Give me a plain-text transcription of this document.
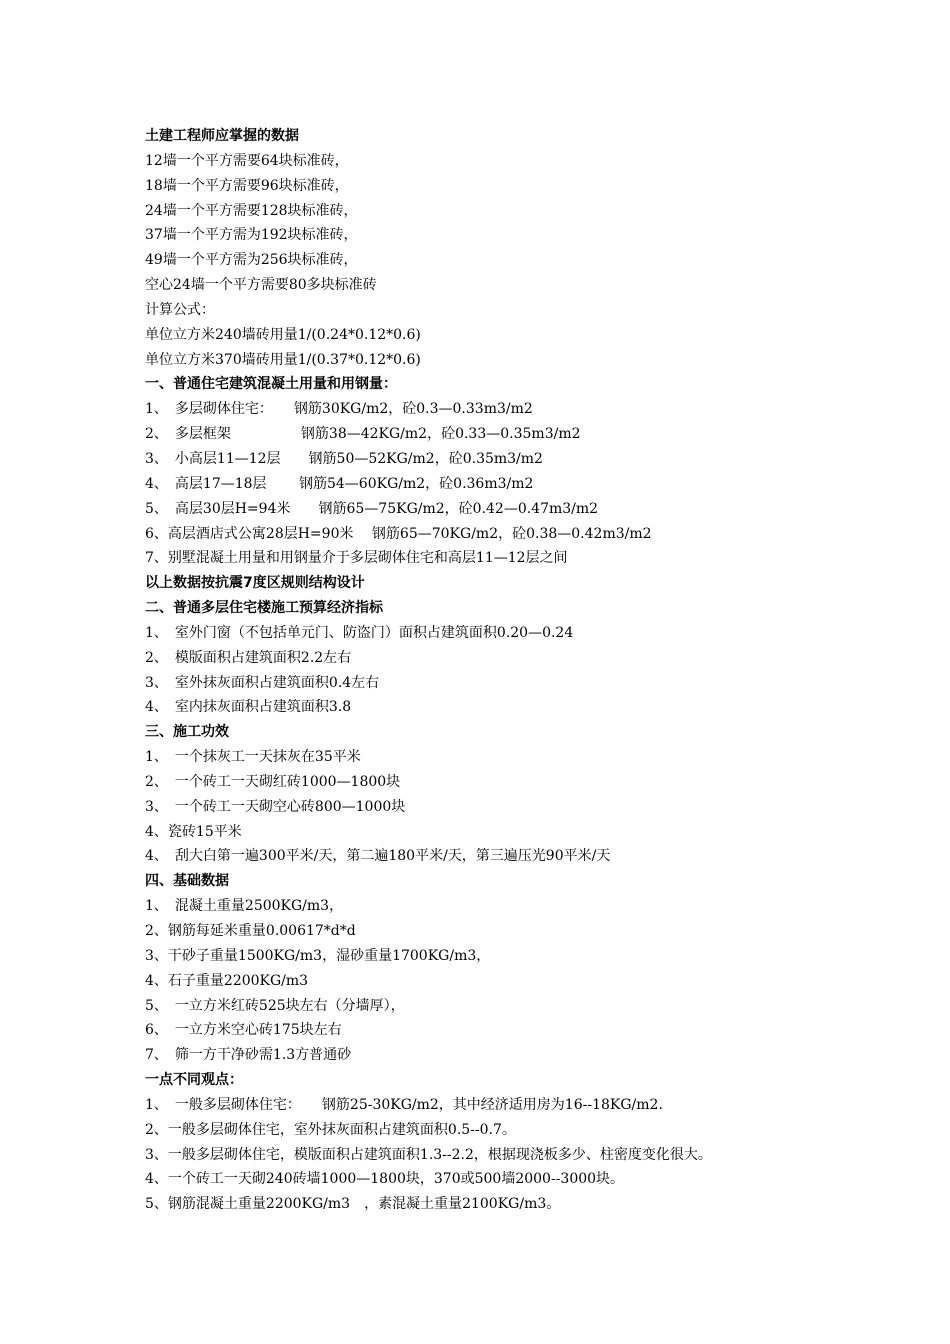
土建工程师应掌握的数据
12墙一个平方需要64块标准砖，
18墙一个平方需要96块标准砖，
24墙一个平方需要128块标准砖，
37墙一个平方需为192块标准砖，
49墙一个平方需为256块标准砖，
空心24墙一个平方需要80多块标准砖
计算公式：
单位立方米240墙砖用量1/(0.24*0.12*0.6)
单位立方米370墙砖用量1/(0.37*0.12*0.6)
一、普通住宅建筑混凝土用量和用钢量：
1、　多层砌体住宅：　　钢筋30KG/m2，砼0.3—0.33m3/m2
2、　多层框架　　　　　钢筋38—42KG/m2，砼0.33—0.35m3/m2
3、　小高层11—12层　　钢筋50—52KG/m2，砼0.35m3/m2
4、　高层17—18层　　 钢筋54—60KG/m2，砼0.36m3/m2
5、　高层30层H=94米　　钢筋65—75KG/m2，砼0.42—0.47m3/m2
6、高层酒店式公寓28层H=90米　 钢筋65—70KG/m2，砼0.38—0.42m3/m2
7、别墅混凝土用量和用钢量介于多层砌体住宅和高层11—12层之间
以上数据按抗震7度区规则结构设计
二、普通多层住宅楼施工预算经济指标
1、　室外门窗（不包括单元门、防盗门）面积占建筑面积0.20—0.24
2、　模版面积占建筑面积2.2左右
3、　室外抹灰面积占建筑面积0.4左右
4、　室内抹灰面积占建筑面积3.8
三、施工功效
1、　一个抹灰工一天抹灰在35平米
2、　一个砖工一天砌红砖1000—1800块
3、　一个砖工一天砌空心砖800—1000块
4、瓷砖15平米
4、　刮大白第一遍300平米/天，第二遍180平米/天，第三遍压光90平米/天
四、基础数据
1、　混凝土重量2500KG/m3，
2、钢筋每延米重量0.00617*d*d
3、干砂子重量1500KG/m3，湿砂重量1700KG/m3，
4、石子重量2200KG/m3
5、　一立方米红砖525块左右（分墙厚），
6、　一立方米空心砖175块左右
7、　筛一方干净砂需1.3方普通砂
一点不同观点：
1、　一般多层砌体住宅：　　钢筋25-30KG/m2，其中经济适用房为16--18KG/m2.
2、一般多层砌体住宅，室外抹灰面积占建筑面积0.5--0.7。
3、一般多层砌体住宅，模版面积占建筑面积1.3--2.2，根据现浇板多少、柱密度变化很大。
4、一个砖工一天砌240砖墙1000—1800块，370或500墙2000--3000块。
5、钢筋混凝土重量2200KG/m3　，素混凝土重量2100KG/m3。
